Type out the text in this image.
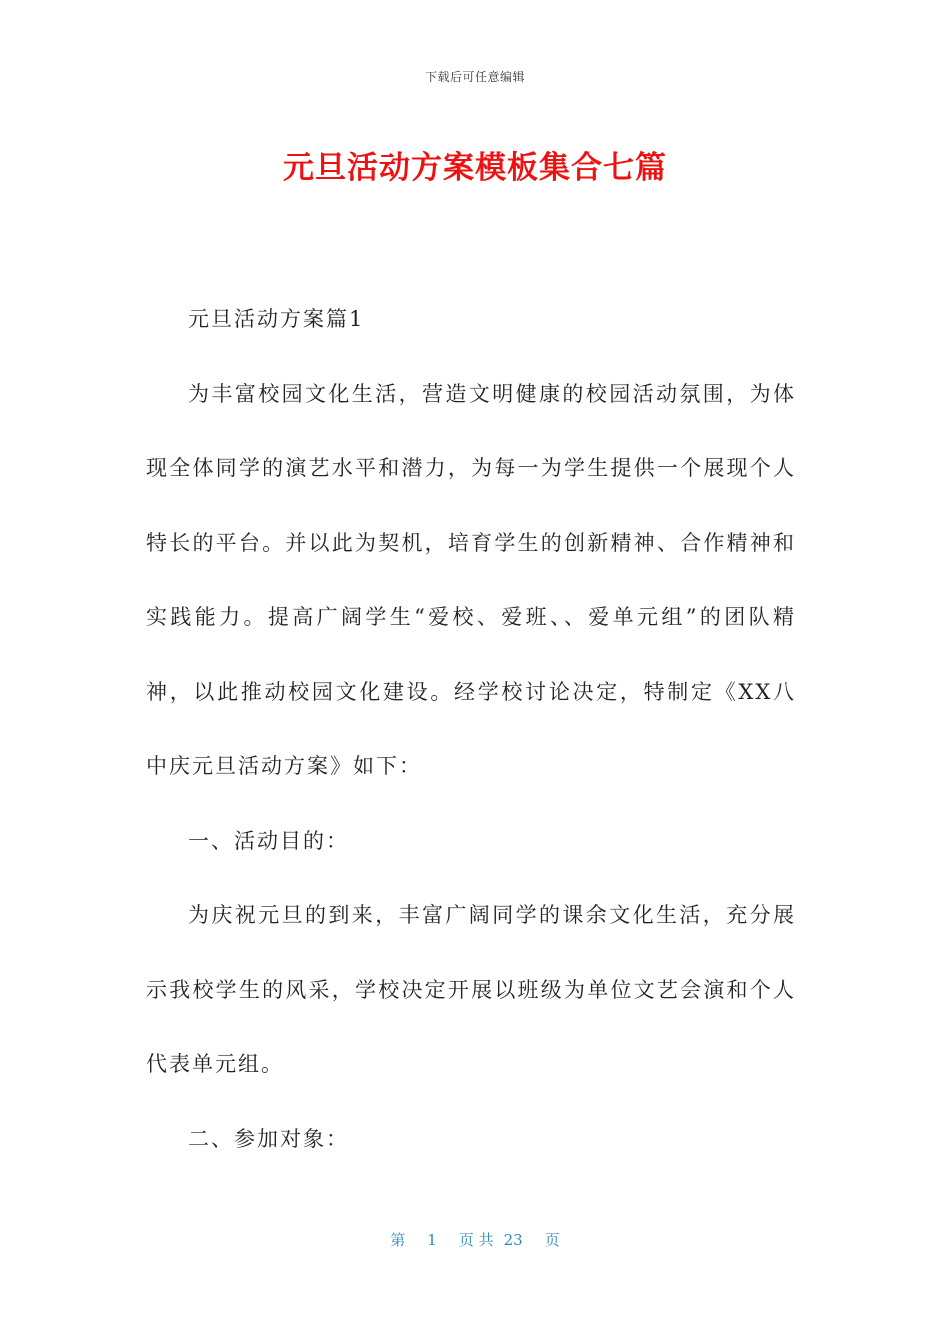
下载后可任意编辑
元旦活动方案模板集合七篇

元旦活动方案篇1

为丰富校园文化生活，营造文明健康的校园活动氛围，为体现全体同学的演艺水平和潜力，为每一为学生提供一个展现个人特长的平台。并以此为契机，培育学生的创新精神、合作精神和实践能力。提高广阔学生“爱校、爱班、、爱单元组”的团队精神，以此推动校园文化建设。经学校讨论决定，特制定《XX八中庆元旦活动方案》如下：

一、活动目的：

为庆祝元旦的到来，丰富广阔同学的课余文化生活，充分展示我校学生的风采，学校决定开展以班级为单位文艺会演和个人代表单元组。

二、参加对象：

第 1 页 共 23 页
